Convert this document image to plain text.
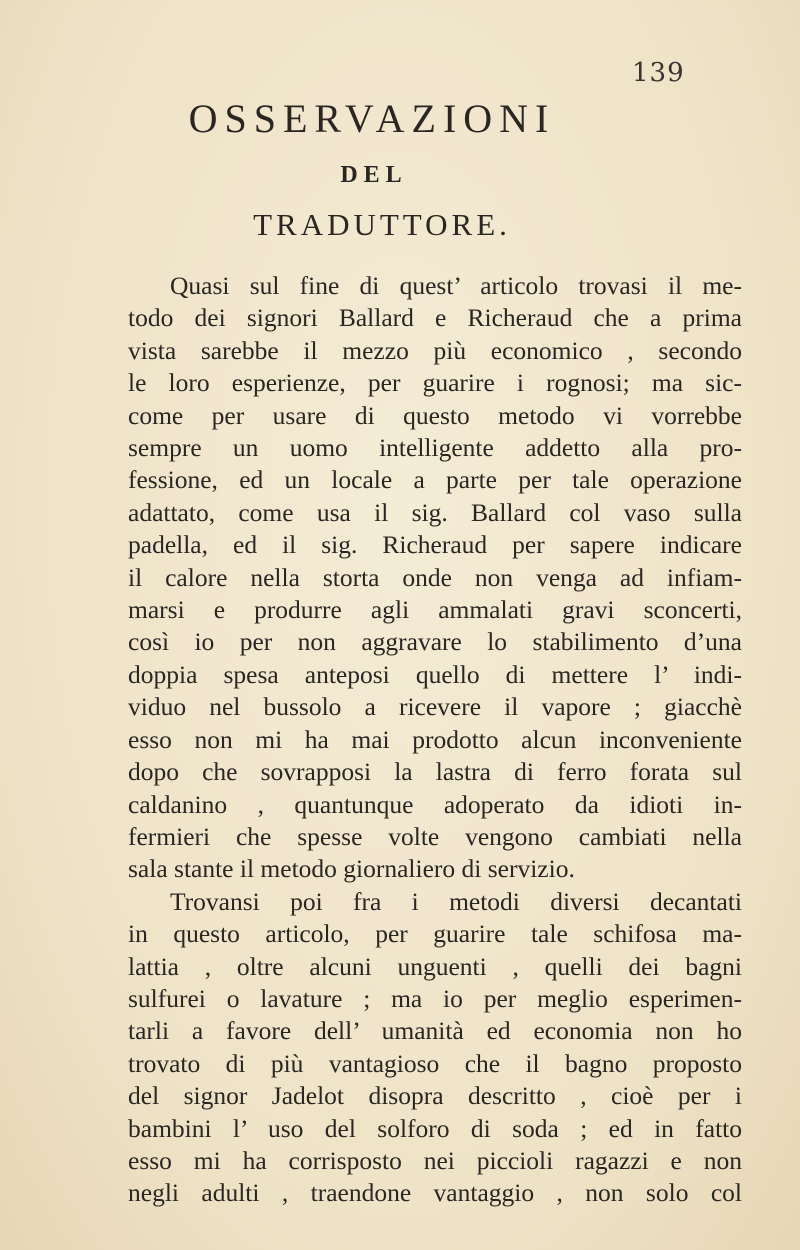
139
OSSERVAZIONI
DEL
TRADUTTORE.
Quasi sul fine di quest’ articolo trovasi il me-
todo dei signori Ballard e Richeraud che a prima
vista sarebbe il mezzo più economico , secondo
le loro esperienze, per guarire i rognosi; ma sic-
come per usare di questo metodo vi vorrebbe
sempre un uomo intelligente addetto alla pro-
fessione, ed un locale a parte per tale operazione
adattato, come usa il sig. Ballard col vaso sulla
padella, ed il sig. Richeraud per sapere indicare
il calore nella storta onde non venga ad infiam-
marsi e produrre agli ammalati gravi sconcerti,
così io per non aggravare lo stabilimento d’una
doppia spesa anteposi quello di mettere l’ indi-
viduo nel bussolo a ricevere il vapore ; giacchè
esso non mi ha mai prodotto alcun inconveniente
dopo che sovrapposi la lastra di ferro forata sul
caldanino , quantunque adoperato da idioti in-
fermieri che spesse volte vengono cambiati nella
sala stante il metodo giornaliero di servizio.
Trovansi poi fra i metodi diversi decantati
in questo articolo, per guarire tale schifosa ma-
lattia , oltre alcuni unguenti , quelli dei bagni
sulfurei o lavature ; ma io per meglio esperimen-
tarli a favore dell’ umanità ed economia non ho
trovato di più vantagioso che il bagno proposto
del signor Jadelot disopra descritto , cioè per i
bambini l’ uso del solforo di soda ; ed in fatto
esso mi ha corrisposto nei piccioli ragazzi e non
negli adulti , traendone vantaggio , non solo col
